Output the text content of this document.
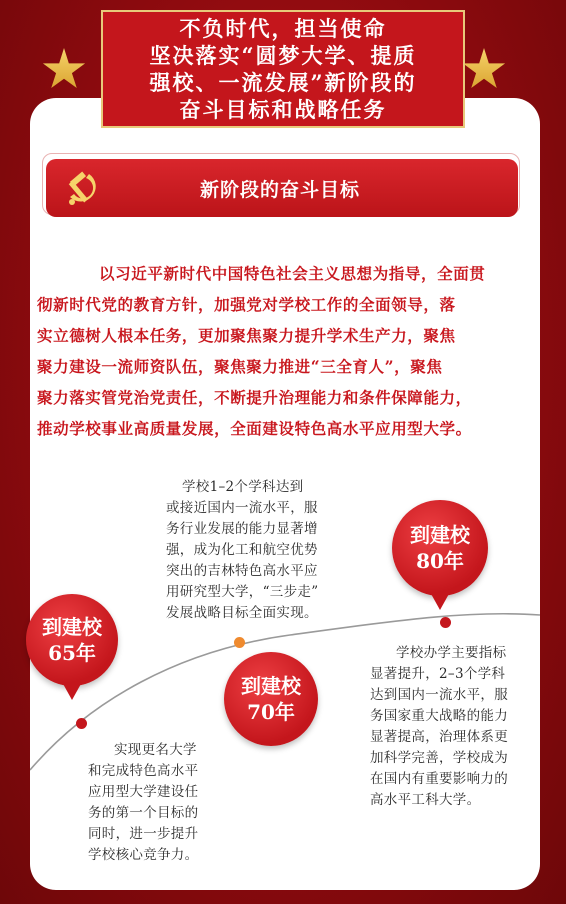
不负时代，担当使命
坚决落实“圆梦大学、提质
强校、一流发展”新阶段的
奋斗目标和战略任务
新阶段的奋斗目标
以习近平新时代中国特色社会主义思想为指导，全面贯
彻新时代党的教育方针，加强党对学校工作的全面领导，落
实立德树人根本任务，更加聚焦聚力提升学术生产力，聚焦
聚力建设一流师资队伍，聚焦聚力推进“三全育人”，聚焦
聚力落实管党治党责任，不断提升治理能力和条件保障能力，
推动学校事业高质量发展，全面建设特色高水平应用型大学。
到建校
65年
到建校
70年
到建校
80年
学校1–2个学科达到
或接近国内一流水平，服
务行业发展的能力显著增
强，成为化工和航空优势
突出的吉林特色高水平应
用研究型大学，“三步走”
发展战略目标全面实现。
实现更名大学
和完成特色高水平
应用型大学建设任
务的第一个目标的
同时，进一步提升
学校核心竞争力。
学校办学主要指标
显著提升，2–3个学科
达到国内一流水平，服
务国家重大战略的能力
显著提高，治理体系更
加科学完善，学校成为
在国内有重要影响力的
高水平工科大学。
